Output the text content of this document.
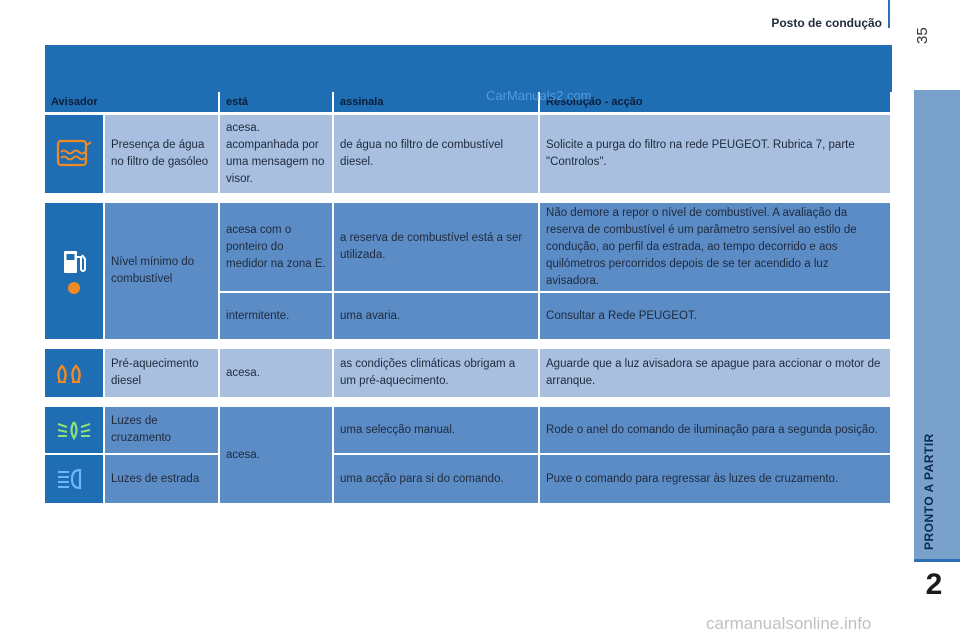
Posto de condução
35
PRONTO A PARTIR
2
Avisador		está	assinala	Resolução - acção

	Presença de água no filtro de gasóleo	acesa. acompanhada por uma mensagem no visor.	de água no filtro de combustível diesel.	Solicite a purga do filtro na rede PEUGEOT. Rubrica 7, parte "Controlos".

	Nível mínimo do combustível	acesa com o ponteiro do medidor na zona E.	a reserva de combustível está a ser utilizada.	Não demore a repor o nível de combustível. A avaliação da reserva de combustível é um parâmetro sensível ao estilo de condução, ao perfil da estrada, ao tempo decorrido e aos quilómetros percorridos depois de se ter acendido a luz avisadora.
		intermitente.	uma avaria.	Consultar a Rede PEUGEOT.

	Pré-aquecimento diesel	acesa.	as condições climáticas obrigam a um pré-aquecimento.	Aguarde que a luz avisadora se apague para accionar o motor de arranque.

	Luzes de cruzamento	acesa.	uma selecção manual.	Rode o anel do comando de iluminação para a segunda posição.

	Luzes de estrada		uma acção para si do comando.	Puxe o comando para regressar às luzes de cruzamento.
CarManuals2.com
carmanualsonline.info
